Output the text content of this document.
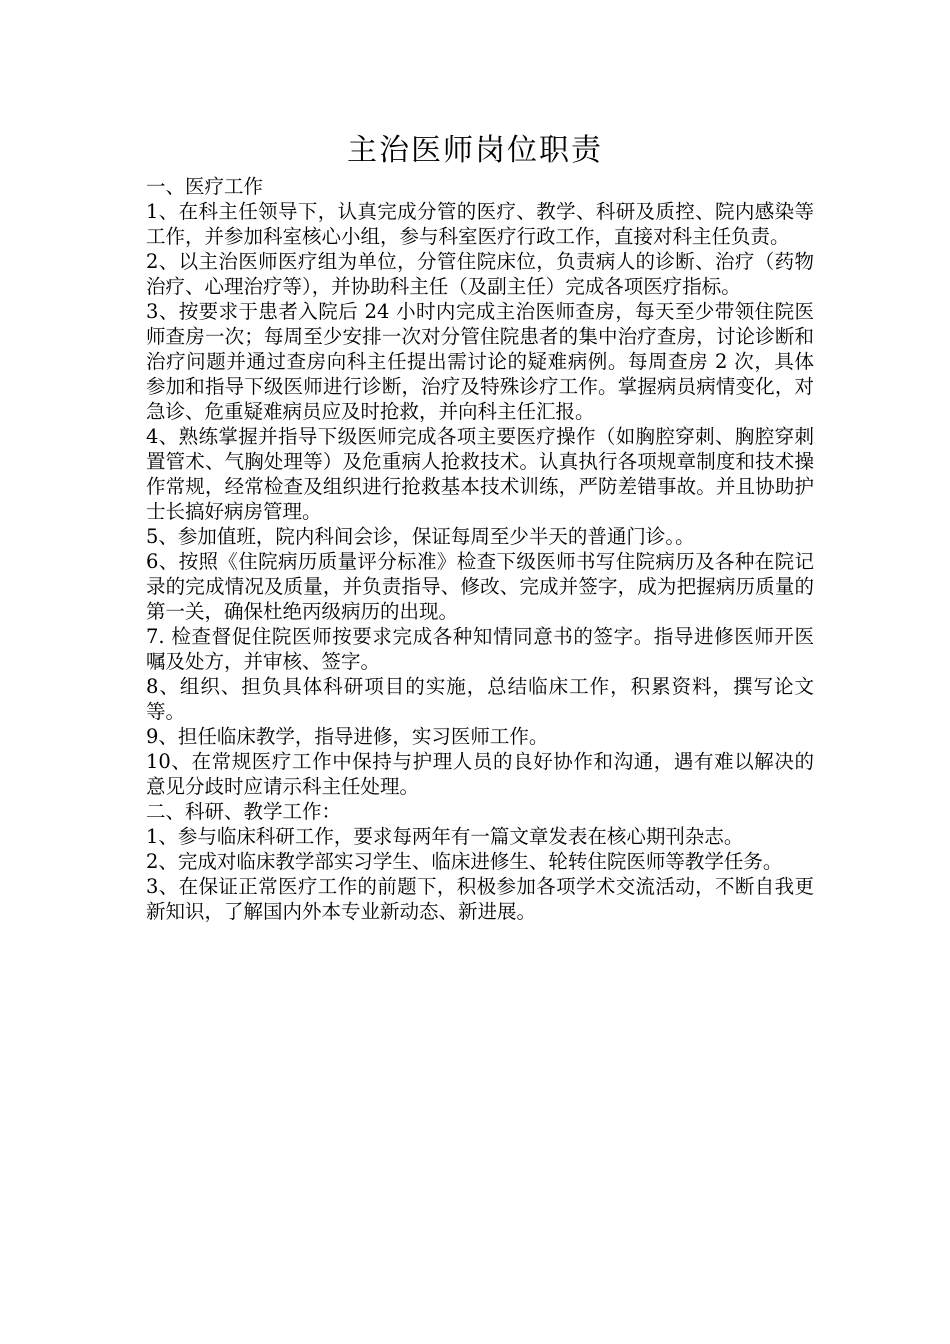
主治医师岗位职责

一、医疗工作

1、在科主任领导下，认真完成分管的医疗、教学、科研及质控、院内感染等工作，并参加科室核心小组，参与科室医疗行政工作，直接对科主任负责。

2、以主治医师医疗组为单位，分管住院床位，负责病人的诊断、治疗（药物治疗、心理治疗等），并协助科主任（及副主任）完成各项医疗指标。

3、按要求于患者入院后 24 小时内完成主治医师查房，每天至少带领住院医师查房一次；每周至少安排一次对分管住院患者的集中治疗查房，讨论诊断和治疗问题并通过查房向科主任提出需讨论的疑难病例。每周查房 2 次，具体参加和指导下级医师进行诊断，治疗及特殊诊疗工作。掌握病员病情变化，对急诊、危重疑难病员应及时抢救，并向科主任汇报。

4、熟练掌握并指导下级医师完成各项主要医疗操作（如胸腔穿刺、胸腔穿刺置管术、气胸处理等）及危重病人抢救技术。认真执行各项规章制度和技术操作常规，经常检查及组织进行抢救基本技术训练，严防差错事故。并且协助护士长搞好病房管理。

5、参加值班，院内科间会诊，保证每周至少半天的普通门诊。。

6、按照《住院病历质量评分标准》检查下级医师书写住院病历及各种在院记录的完成情况及质量，并负责指导、修改、完成并签字，成为把握病历质量的第一关，确保杜绝丙级病历的出现。

7. 检查督促住院医师按要求完成各种知情同意书的签字。指导进修医师开医嘱及处方，并审核、签字。

8、组织、担负具体科研项目的实施，总结临床工作，积累资料，撰写论文等。

9、担任临床教学，指导进修，实习医师工作。

10、在常规医疗工作中保持与护理人员的良好协作和沟通，遇有难以解决的意见分歧时应请示科主任处理。

二、科研、教学工作：

1、参与临床科研工作，要求每两年有一篇文章发表在核心期刊杂志。

2、完成对临床教学部实习学生、临床进修生、轮转住院医师等教学任务。

3、在保证正常医疗工作的前题下，积极参加各项学术交流活动，不断自我更新知识，了解国内外本专业新动态、新进展。
